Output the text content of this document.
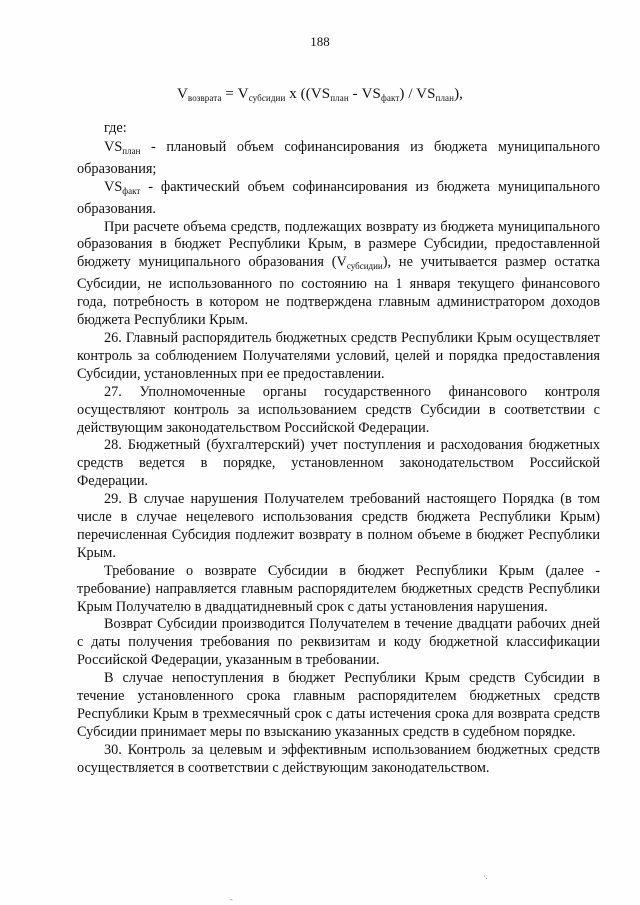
188
$V_{возврата} = V_{субсидии}$ x $((VS_{план} - VS_{факт}) / VS_{план})$,

где:

$VS_{план}$ - плановый объем софинансирования из бюджета муниципального образования;

$VS_{факт}$ - фактический объем софинансирования из бюджета муниципального образования.

При расчете объема средств, подлежащих возврату из бюджета муниципального образования в бюджет Республики Крым, в размере Субсидии, предоставленной бюджету муниципального образования $(V_{субсидии})$, не учитывается размер остатка Субсидии, не использованного по состоянию на 1 января текущего финансового года, потребность в котором не подтверждена главным администратором доходов бюджета Республики Крым.

26. Главный распорядитель бюджетных средств Республики Крым осуществляет контроль за соблюдением Получателями условий, целей и порядка предоставления Субсидии, установленных при ее предоставлении.

27. Уполномоченные органы государственного финансового контроля осуществляют контроль за использованием средств Субсидии в соответствии с действующим законодательством Российской Федерации.

28. Бюджетный (бухгалтерский) учет поступления и расходования бюджетных средств ведется в порядке, установленном законодательством Российской Федерации.

29. В случае нарушения Получателем требований настоящего Порядка (в том числе в случае нецелевого использования средств бюджета Республики Крым) перечисленная Субсидия подлежит возврату в полном объеме в бюджет Республики Крым.

Требование о возврате Субсидии в бюджет Республики Крым (далее - требование) направляется главным распорядителем бюджетных средств Республики Крым Получателю в двадцатидневный срок с даты установления нарушения.

Возврат Субсидии производится Получателем в течение двадцати рабочих дней с даты получения требования по реквизитам и коду бюджетной классификации Российской Федерации, указанным в требовании.

В случае непоступления в бюджет Республики Крым средств Субсидии в течение установленного срока главным распорядителем бюджетных средств Республики Крым в трехмесячный срок с даты истечения срока для возврата средств Субсидии принимает меры по взысканию указанных средств в судебном порядке.

30. Контроль за целевым и эффективным использованием бюджетных средств осуществляется в соответствии с действующим законодательством.

·.
-
